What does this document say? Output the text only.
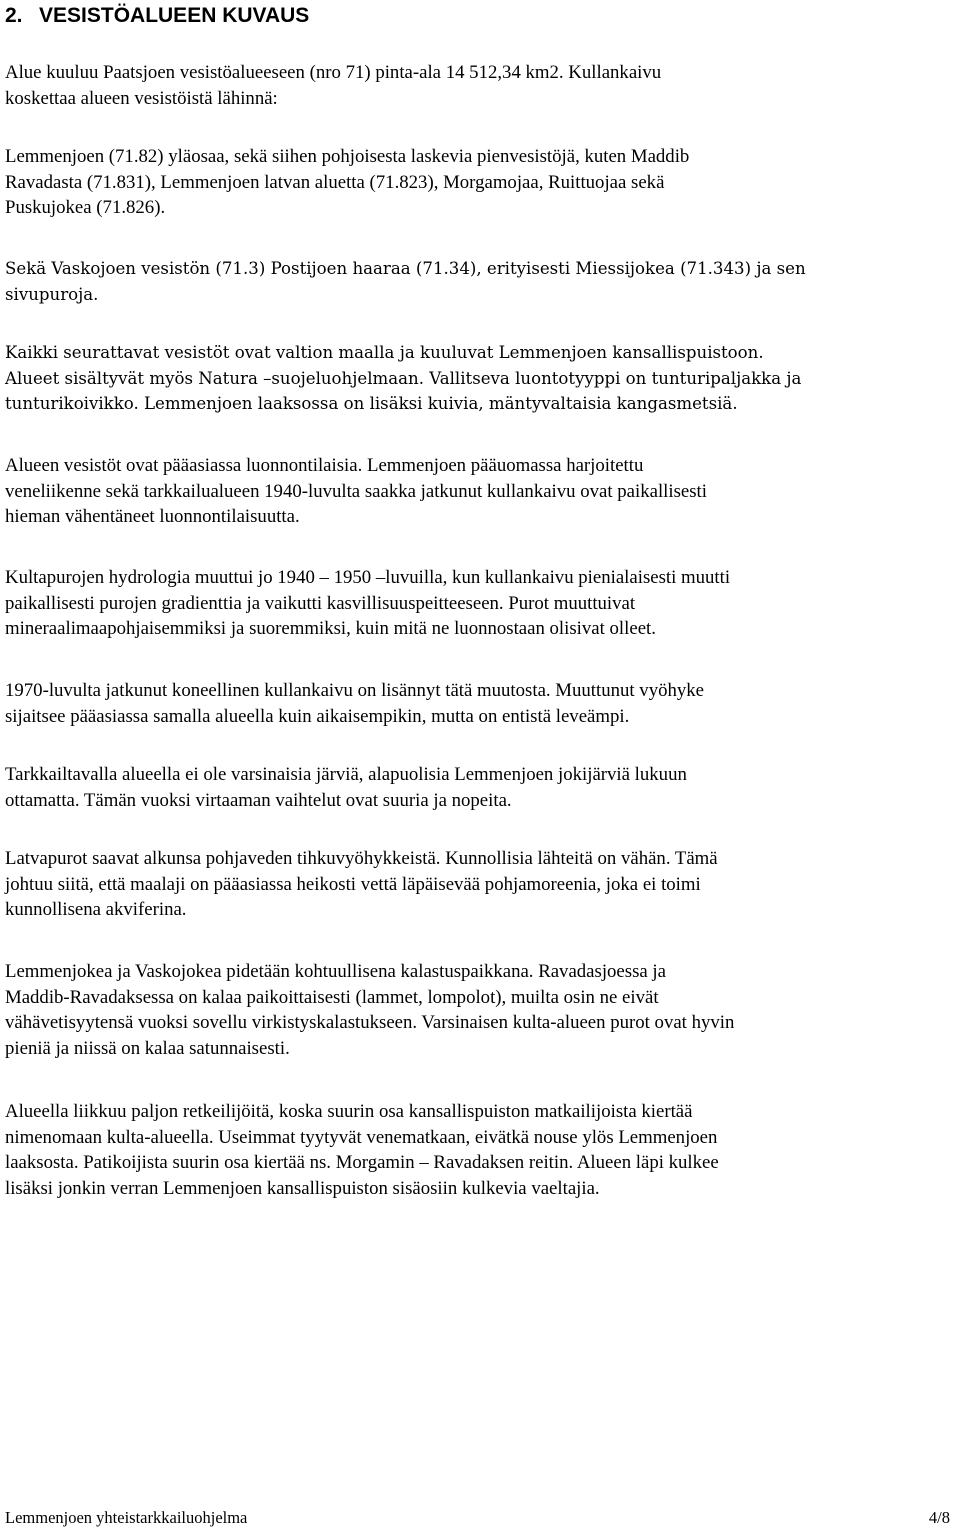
2. VESISTÖALUEEN KUVAUS

Alue kuuluu Paatsjoen vesistöalueeseen (nro 71) pinta-ala 14 512,34 km2. Kullankaivu
koskettaa alueen vesistöistä lähinnä:

Lemmenjoen (71.82) yläosaa, sekä siihen pohjoisesta laskevia pienvesistöjä, kuten Maddib
Ravadasta (71.831), Lemmenjoen latvan aluetta (71.823), Morgamojaa, Ruittuojaa sekä
Puskujokea (71.826).

Sekä Vaskojoen vesistön (71.3) Postijoen haaraa (71.34), erityisesti Miessijokea (71.343) ja sen
sivupuroja.

Kaikki seurattavat vesistöt ovat valtion maalla ja kuuluvat Lemmenjoen kansallispuistoon.
Alueet sisältyvät myös Natura –suojeluohjelmaan. Vallitseva luontotyyppi on tunturipaljakka ja
tunturikoivikko. Lemmenjoen laaksossa on lisäksi kuivia, mäntyvaltaisia kangasmetsiä.

Alueen vesistöt ovat pääasiassa luonnontilaisia. Lemmenjoen pääuomassa harjoitettu
veneliikenne sekä tarkkailualueen 1940-luvulta saakka jatkunut kullankaivu ovat paikallisesti
hieman vähentäneet luonnontilaisuutta.

Kultapurojen hydrologia muuttui jo 1940 – 1950 –luvuilla, kun kullankaivu pienialaisesti muutti
paikallisesti purojen gradienttia ja vaikutti kasvillisuuspeitteeseen. Purot muuttuivat
mineraalimaapohjaisemmiksi ja suoremmiksi, kuin mitä ne luonnostaan olisivat olleet.

1970-luvulta jatkunut koneellinen kullankaivu on lisännyt tätä muutosta. Muuttunut vyöhyke
sijaitsee pääasiassa samalla alueella kuin aikaisempikin, mutta on entistä leveämpi.

Tarkkailtavalla alueella ei ole varsinaisia järviä, alapuolisia Lemmenjoen jokijärviä lukuun
ottamatta. Tämän vuoksi virtaaman vaihtelut ovat suuria ja nopeita.

Latvapurot saavat alkunsa pohjaveden tihkuvyöhykkeistä. Kunnollisia lähteitä on vähän. Tämä
johtuu siitä, että maalaji on pääasiassa heikosti vettä läpäisevää pohjamoreenia, joka ei toimi
kunnollisena akviferina.

Lemmenjokea ja Vaskojokea pidetään kohtuullisena kalastuspaikkana. Ravadasjoessa ja
Maddib-Ravadaksessa on kalaa paikoittaisesti (lammet, lompolot), muilta osin ne eivät
vähävetisyytensä vuoksi sovellu virkistyskalastukseen. Varsinaisen kulta-alueen purot ovat hyvin
pieniä ja niissä on kalaa satunnaisesti.

Alueella liikkuu paljon retkeilijöitä, koska suurin osa kansallispuiston matkailijoista kiertää
nimenomaan kulta-alueella. Useimmat tyytyvät venematkaan, eivätkä nouse ylös Lemmenjoen
laaksosta. Patikoijista suurin osa kiertää ns. Morgamin – Ravadaksen reitin. Alueen läpi kulkee
lisäksi jonkin verran Lemmenjoen kansallispuiston sisäosiin kulkevia vaeltajia.

Lemmenjoen yhteistarkkailuohjelma	4/8
